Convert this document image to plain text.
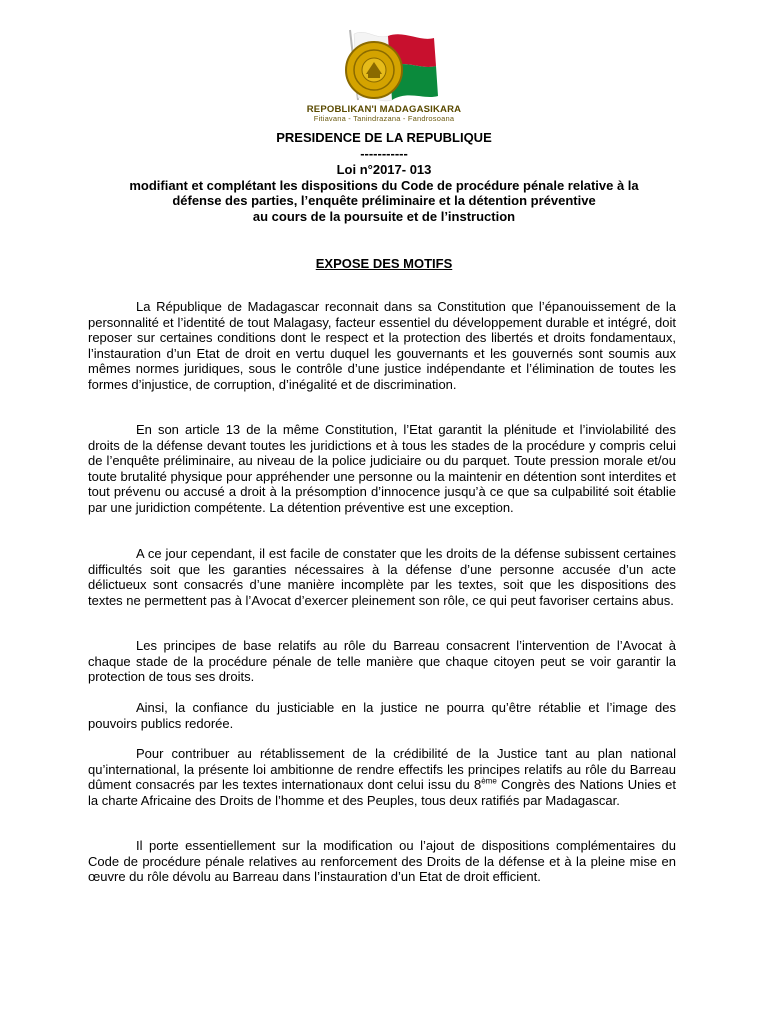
REPOBLIKAN'I MADAGASIKARA
Fitiavana - Tanindrazana - Fandrosoana
PRESIDENCE DE LA REPUBLIQUE
-----------
Loi n°2017- 013
modifiant et complétant les dispositions du Code de procédure pénale relative à la
défense des parties, l’enquête préliminaire et la détention préventive
au cours de la poursuite et de l’instruction
EXPOSE DES MOTIFS

La République de Madagascar reconnait dans sa Constitution que l’épanouissement de la personnalité et l’identité de tout Malagasy, facteur essentiel du développement durable et intégré, doit reposer sur certaines conditions dont le respect et la protection des libertés et droits fondamentaux, l’instauration d’un Etat de droit en vertu duquel les gouvernants et les gouvernés sont soumis aux mêmes normes juridiques, sous le contrôle d’une justice indépendante et l’élimination de toutes les formes d’injustice, de corruption, d’inégalité et de discrimination.

En son article 13 de la même Constitution, l’Etat garantit la plénitude et l’inviolabilité des droits de la défense devant toutes les juridictions et à tous les stades de la procédure y compris celui de l’enquête préliminaire, au niveau de la police judiciaire ou du parquet. Toute pression morale et/ou toute brutalité physique pour appréhender une personne ou la maintenir en détention sont interdites et tout prévenu ou accusé a droit à la présomption d’innocence jusqu’à ce que sa culpabilité soit établie par une juridiction compétente. La détention préventive est une exception.

A ce jour cependant, il est facile de constater que les droits de la défense subissent certaines difficultés soit que les garanties nécessaires à la défense d’une personne accusée d’un acte délictueux sont consacrés d’une manière incomplète par les textes, soit que les dispositions des textes ne permettent pas à l’Avocat d’exercer pleinement son rôle, ce qui peut favoriser certains abus.

Les principes de base relatifs au rôle du Barreau consacrent l’intervention de l’Avocat à chaque stade de la procédure pénale de telle manière que chaque citoyen peut se voir garantir la protection de tous ses droits.

Ainsi, la confiance du justiciable en la justice ne pourra qu’être rétablie et l’image des pouvoirs publics redorée.

Pour contribuer au rétablissement de la crédibilité de la Justice tant au plan national qu’international, la présente loi ambitionne de rendre effectifs les principes relatifs au rôle du Barreau dûment consacrés par les textes internationaux dont celui issu du 8ème Congrès des Nations Unies et la charte Africaine des Droits de l’homme et des Peuples, tous deux ratifiés par Madagascar.

Il porte essentiellement sur la modification ou l’ajout de dispositions complémentaires du Code de procédure pénale relatives au renforcement des Droits de la défense et à la pleine mise en œuvre du rôle dévolu au Barreau dans l’instauration d’un Etat de droit efficient.
